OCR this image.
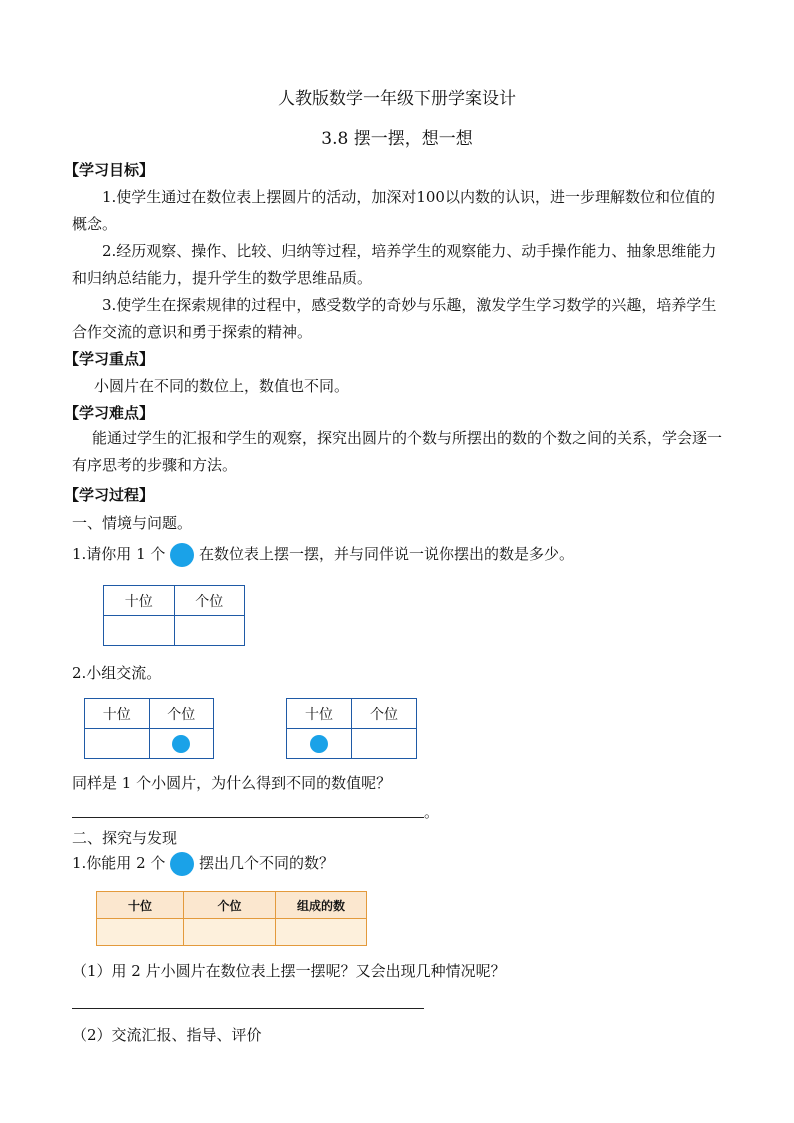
人教版数学一年级下册学案设计
3.8 摆一摆，想一想
【学习目标】
1.使学生通过在数位表上摆圆片的活动，加深对100以内数的认识，进一步理解数位和位值的概念。
2.经历观察、操作、比较、归纳等过程，培养学生的观察能力、动手操作能力、抽象思维能力和归纳总结能力，提升学生的数学思维品质。
3.使学生在探索规律的过程中，感受数学的奇妙与乐趣，激发学生学习数学的兴趣，培养学生合作交流的意识和勇于探索的精神。
【学习重点】
小圆片在不同的数位上，数值也不同。
【学习难点】
能通过学生的汇报和学生的观察，探究出圆片的个数与所摆出的数的个数之间的关系，学会逐一有序思考的步骤和方法。
【学习过程】
一、情境与问题。
1.请你用 1 个 在数位表上摆一摆，并与同伴说一说你摆出的数是多少。
十位	个位

2.小组交流。
十位	个位
		十位	个位

同样是 1 个小圆片，为什么得到不同的数值呢？
。
二、探究与发现
1.你能用 2 个 摆出几个不同的数？
十位	个位	组成的数

（1）用 2 片小圆片在数位表上摆一摆呢？又会出现几种情况呢？
（2）交流汇报、指导、评价
